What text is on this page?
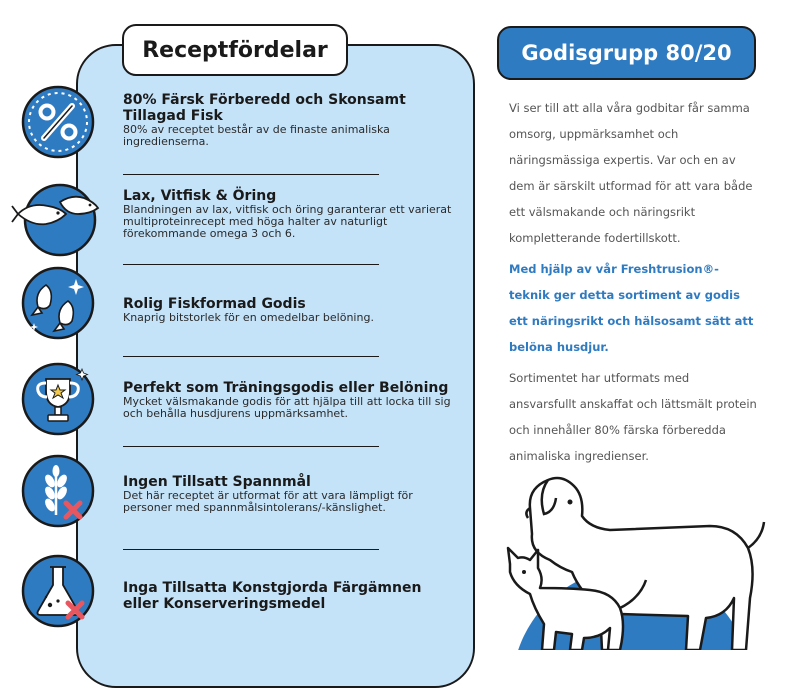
Receptfördelar
80% Färsk Förberedd och Skonsamt Tillagad Fisk

80% av receptet består av de finaste animaliska ingredienserna.

Lax, Vitfisk & Öring

Blandningen av lax, vitfisk och öring garanterar ett varierat multiproteinrecept med höga halter av naturligt förekommande omega 3 och 6.

Rolig Fiskformad Godis

Knaprig bitstorlek för en omedelbar belöning.

Perfekt som Träningsgodis eller Belöning

Mycket välsmakande godis för att hjälpa till att locka till sig och behålla husdjurens uppmärksamhet.

Ingen Tillsatt Spannmål

Det här receptet är utformat för att vara lämpligt för personer med spannmålsintolerans/-känslighet.

Inga Tillsatta Konstgjorda Färgämnen eller Konserveringsmedel
Godisgrupp 80/20
Vi ser till att alla våra godbitar får samma omsorg, uppmärksamhet och näringsmässiga expertis. Var och en av dem är särskilt utformad för att vara både ett välsmakande och näringsrikt kompletterande fodertillskott.
Med hjälp av vår Freshtrusion®-teknik ger detta sortiment av godis ett näringsrikt och hälsosamt sätt att belöna husdjur.
Sortimentet har utformats med ansvarsfullt anskaffat och lättsmält protein och innehåller 80% färska förberedda animaliska ingredienser.
